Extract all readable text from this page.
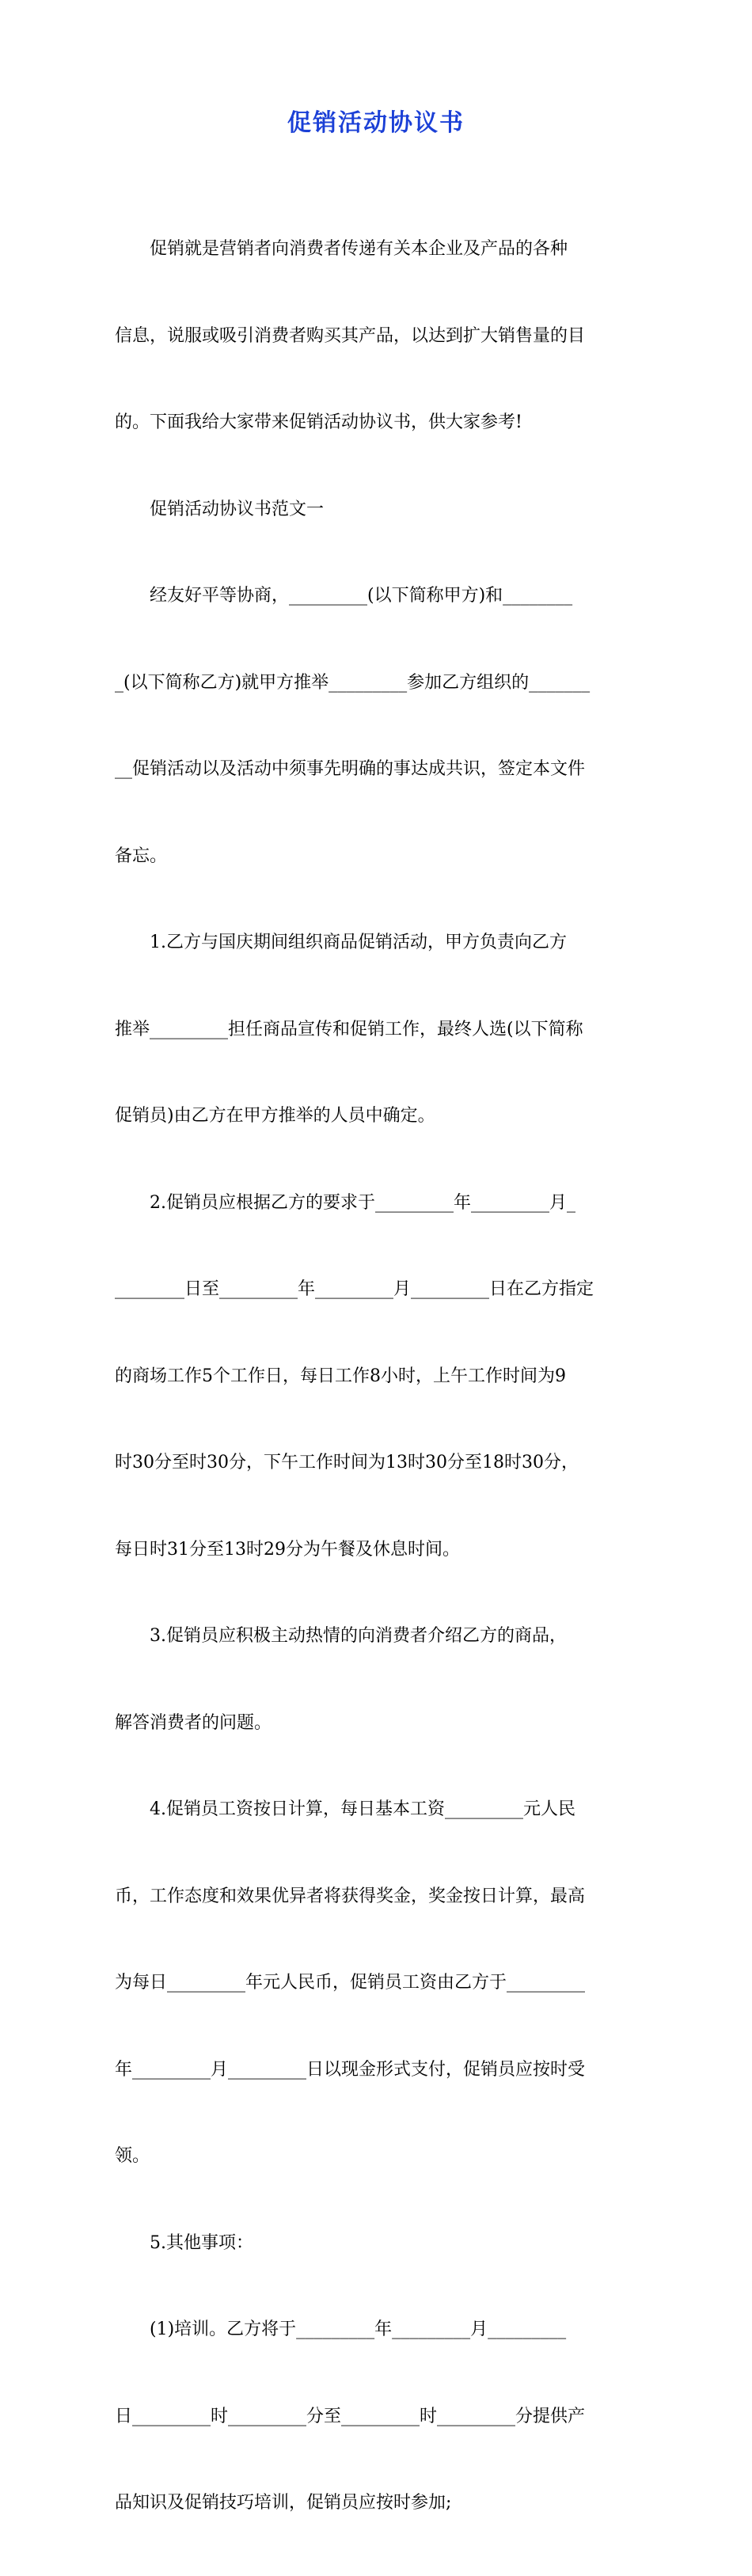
促销活动协议书

　　促销就是营销者向消费者传递有关本企业及产品的各种

信息，说服或吸引消费者购买其产品，以达到扩大销售量的目

的。下面我给大家带来促销活动协议书，供大家参考!

　　促销活动协议书范文一

　　经友好平等协商，_________(以下简称甲方)和________

_(以下简称乙方)就甲方推举_________参加乙方组织的_______

__促销活动以及活动中须事先明确的事达成共识，签定本文件

备忘。

　　1.乙方与国庆期间组织商品促销活动，甲方负责向乙方

推举_________担任商品宣传和促销工作，最终人选(以下简称

促销员)由乙方在甲方推举的人员中确定。

　　2.促销员应根据乙方的要求于_________年_________月_

________日至_________年_________月_________日在乙方指定

的商场工作5个工作日，每日工作8小时，上午工作时间为9

时30分至时30分，下午工作时间为13时30分至18时30分，

每日时31分至13时29分为午餐及休息时间。

　　3.促销员应积极主动热情的向消费者介绍乙方的商品，

解答消费者的问题。

　　4.促销员工资按日计算，每日基本工资_________元人民

币，工作态度和效果优异者将获得奖金，奖金按日计算，最高

为每日_________年元人民币，促销员工资由乙方于_________

年_________月_________日以现金形式支付，促销员应按时受

领。

　　5.其他事项：

　　(1)培训。乙方将于_________年_________月_________

日_________时_________分至_________时_________分提供产

品知识及促销技巧培训，促销员应按时参加;
